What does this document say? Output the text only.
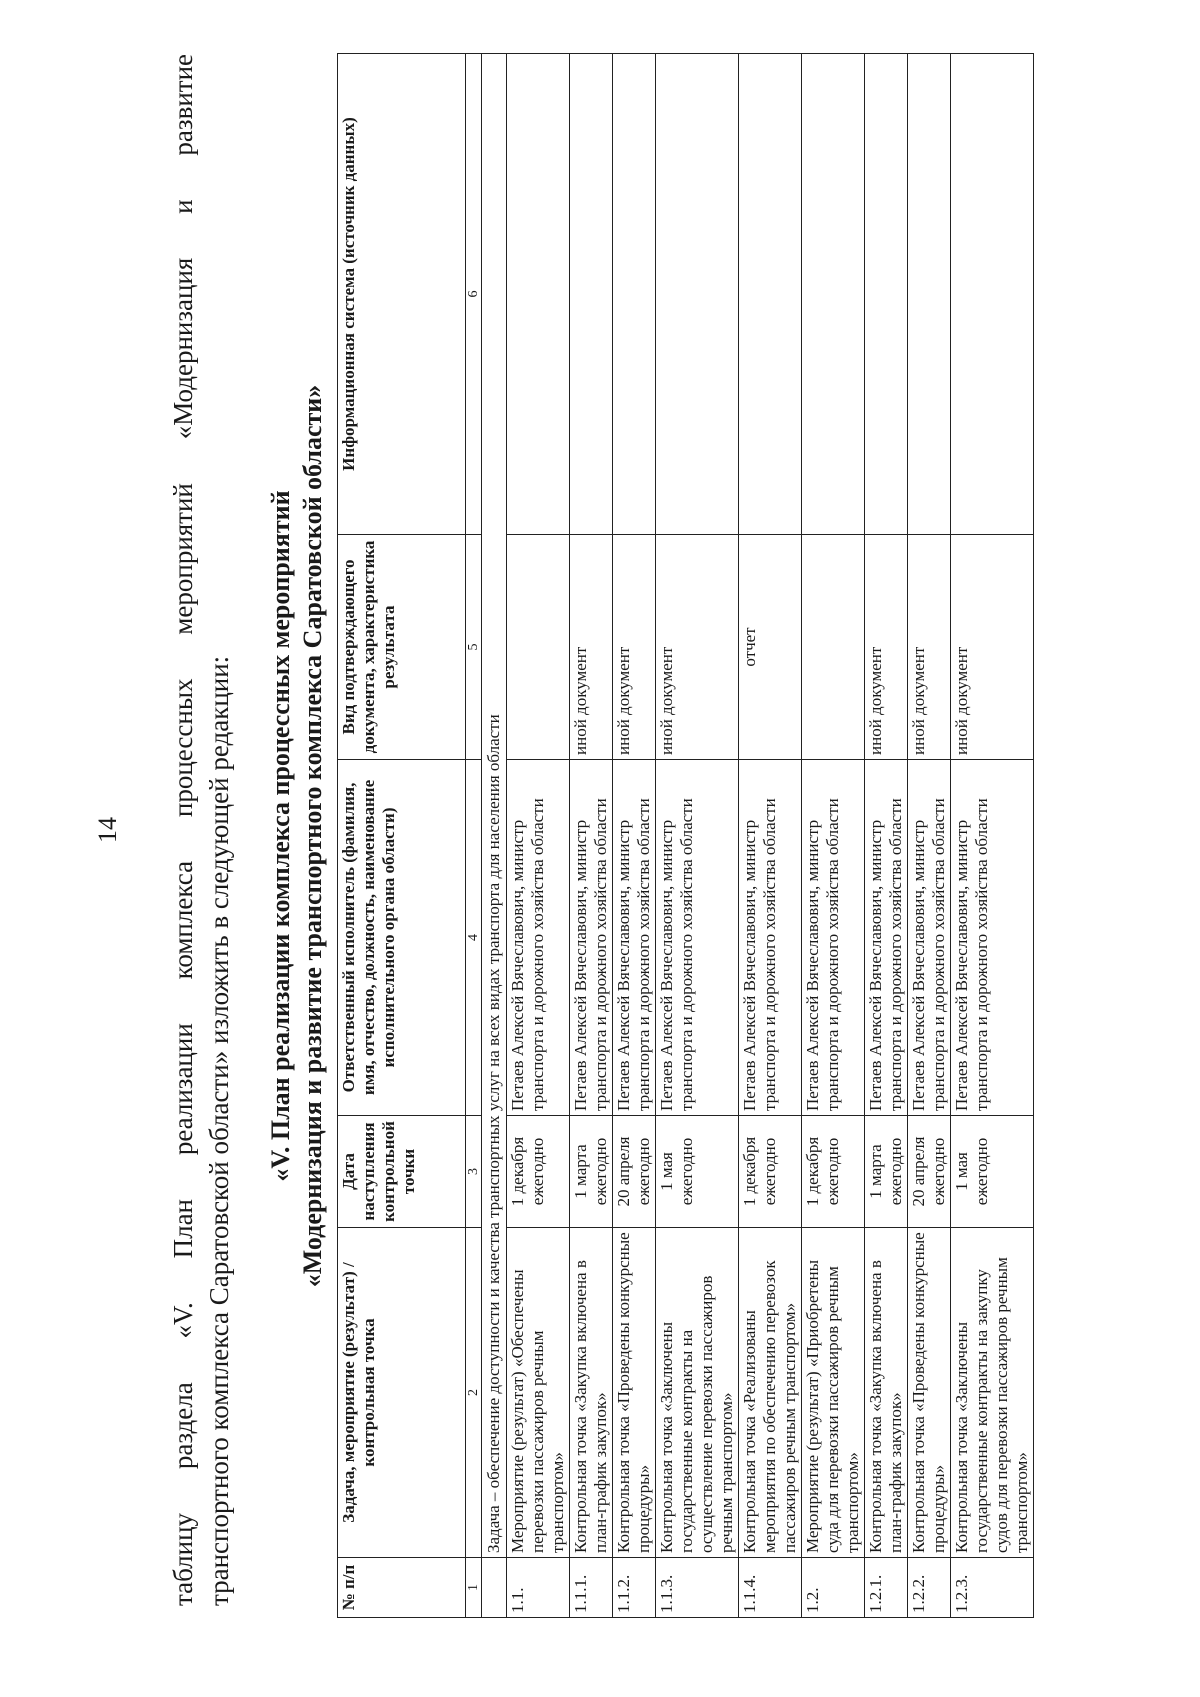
14 таблицу раздела «V. План реализации комплекса процессных мероприятий «Модернизация и развитие транспортного комплекса Саратовской области» изложить в следующей редакции: «V. План реализации комплекса процессных мероприятий «Модернизация и развитие транспортного комплекса Саратовской области»
№ п/п	Задача, мероприятие (результат) / контрольная точка	Дата наступления контрольной точки	Ответственный исполнитель (фамилия, имя, отчество, должность, наименование исполнительного органа области)	Вид подтверждающего документа, характеристика результата	Информационная система (источник данных)
1	2	3	4	5	6
	Задача – обеспечение доступности и качества транспортных услуг на всех видах транспорта для населения области				
1.1.	Мероприятие (результат) «Обеспечены перевозки пассажиров речным транспортом»	1 декабря ежегодно	Петаев Алексей Вячеславович, министр транспорта и дорожного хозяйства области		
1.1.1.	Контрольная точка «Закупка включена в план-график закупок»	1 марта ежегодно	Петаев Алексей Вячеславович, министр транспорта и дорожного хозяйства области	иной документ	
1.1.2.	Контрольная точка «Проведены конкурсные процедуры»	20 апреля ежегодно	Петаев Алексей Вячеславович, министр транспорта и дорожного хозяйства области	иной документ	
1.1.3.	Контрольная точка «Заключены государственные контракты на осуществление перевозки пассажиров речным транспортом»	1 мая ежегодно	Петаев Алексей Вячеславович, министр транспорта и дорожного хозяйства области	иной документ	
1.1.4.	Контрольная точка «Реализованы мероприятия по обеспечению перевозок пассажиров речным транспортом»	1 декабря ежегодно	Петаев Алексей Вячеславович, министр транспорта и дорожного хозяйства области	отчет	
1.2.	Мероприятие (результат) «Приобретены суда для перевозки пассажиров речным транспортом»	1 декабря ежегодно	Петаев Алексей Вячеславович, министр транспорта и дорожного хозяйства области		
1.2.1.	Контрольная точка «Закупка включена в план-график закупок»	1 марта ежегодно	Петаев Алексей Вячеславович, министр транспорта и дорожного хозяйства области	иной документ	
1.2.2.	Контрольная точка «Проведены конкурсные процедуры»	20 апреля ежегодно	Петаев Алексей Вячеславович, министр транспорта и дорожного хозяйства области	иной документ	
1.2.3.	Контрольная точка «Заключены государственные контракты на закупку судов для перевозки пассажиров речным транспортом»	1 мая ежегодно	Петаев Алексей Вячеславович, министр транспорта и дорожного хозяйства области	иной документ	
